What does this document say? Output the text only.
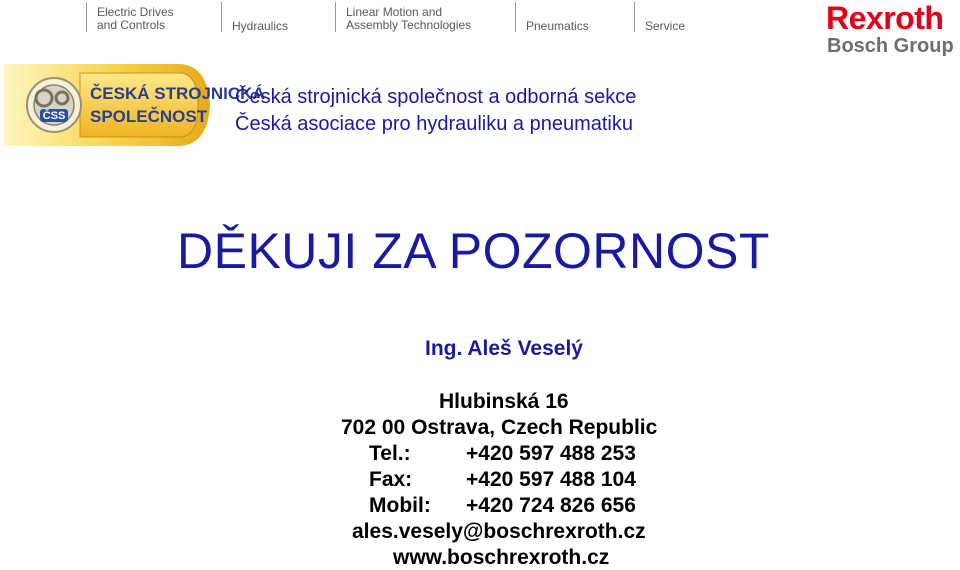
Electric Drives
and Controls	Hydraulics
Linear Motion and
Assembly Technologies	Pneumatics	Service	Rexroth
Bosch Group
ČSS
ČESKÁ STROJNICKÁ
SPOLEČNOST
Česká strojnická společnost a odborná sekce
Česká asociace pro hydrauliku a pneumatiku
DĚKUJI ZA POZORNOST
Ing. Aleš Veselý
Hlubinská 16
702 00 Ostrava, Czech Republic
Tel.:	+420 597 488 253
Fax:	+420 597 488 104
Mobil: +420 724 826 656
ales.vesely@boschrexroth.cz
www.boschrexroth.cz
